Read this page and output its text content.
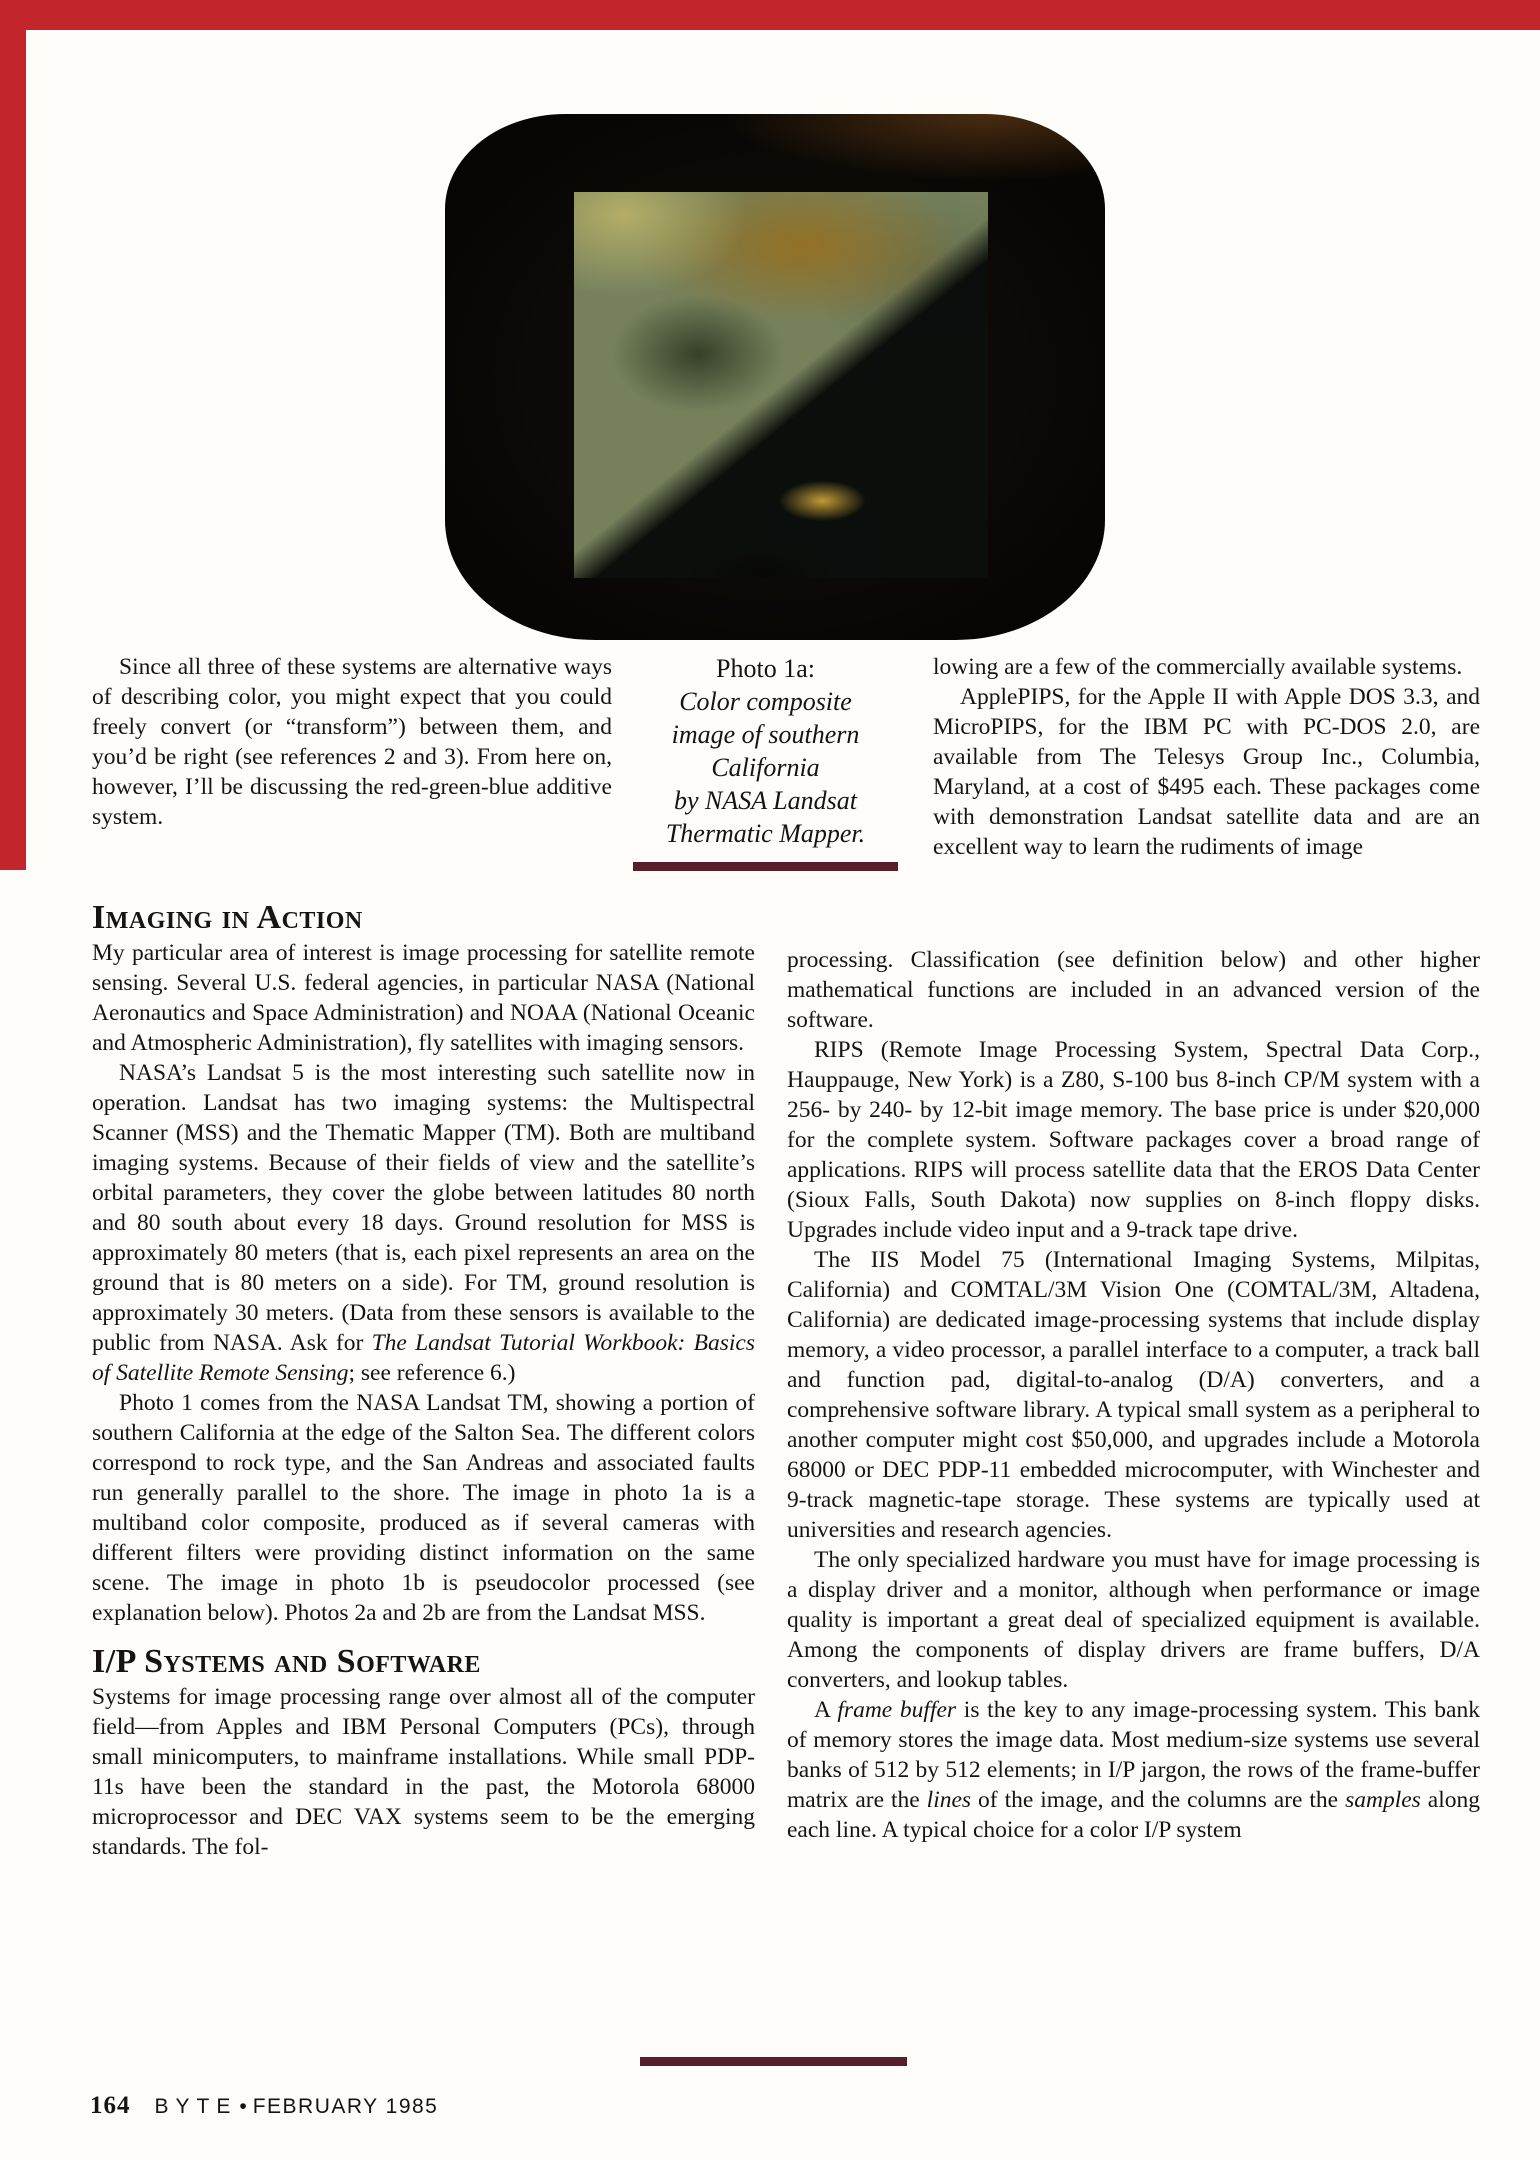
Since all three of these systems are alternative ways of describing color, you might expect that you could freely convert (or “transform”) between them, and you’d be right (see references 2 and 3). From here on, however, I’ll be discussing the red-green-blue additive system.

Photo 1a:
Color composite
image of southern
California
by NASA Landsat
Thermatic Mapper.

lowing are a few of the commercially available systems.

ApplePIPS, for the Apple II with Apple DOS 3.3, and MicroPIPS, for the IBM PC with PC-DOS 2.0, are available from The Telesys Group Inc., Columbia, Maryland, at a cost of $495 each. These packages come with demonstration Landsat satellite data and are an excellent way to learn the rudiments of image

Imaging in Action

My particular area of interest is image processing for satellite remote sensing. Several U.S. federal agencies, in particular NASA (National Aeronautics and Space Administration) and NOAA (National Oceanic and Atmospheric Administration), fly satellites with imaging sensors.

NASA’s Landsat 5 is the most interesting such satellite now in operation. Landsat has two imaging systems: the Multispectral Scanner (MSS) and the Thematic Mapper (TM). Both are multiband imaging systems. Because of their fields of view and the satellite’s orbital parameters, they cover the globe between latitudes 80 north and 80 south about every 18 days. Ground resolution for MSS is approximately 80 meters (that is, each pixel represents an area on the ground that is 80 meters on a side). For TM, ground resolution is approximately 30 meters. (Data from these sensors is available to the public from NASA. Ask for The Landsat Tutorial Workbook: Basics of Satellite Remote Sensing; see reference 6.)

Photo 1 comes from the NASA Landsat TM, showing a portion of southern California at the edge of the Salton Sea. The different colors correspond to rock type, and the San Andreas and associated faults run generally parallel to the shore. The image in photo 1a is a multiband color composite, produced as if several cameras with different filters were providing distinct information on the same scene. The image in photo 1b is pseudocolor processed (see explanation below). Photos 2a and 2b are from the Landsat MSS.

I/P Systems and Software

Systems for image processing range over almost all of the computer field—from Apples and IBM Personal Computers (PCs), through small minicomputers, to mainframe installations. While small PDP-11s have been the standard in the past, the Motorola 68000 microprocessor and DEC VAX systems seem to be the emerging standards. The fol-

processing. Classification (see definition below) and other higher mathematical functions are included in an advanced version of the software.

RIPS (Remote Image Processing System, Spectral Data Corp., Hauppauge, New York) is a Z80, S-100 bus 8-inch CP/M system with a 256- by 240- by 12-bit image memory. The base price is under $20,000 for the complete system. Software packages cover a broad range of applications. RIPS will process satellite data that the EROS Data Center (Sioux Falls, South Dakota) now supplies on 8-inch floppy disks. Upgrades include video input and a 9-track tape drive.

The IIS Model 75 (International Imaging Systems, Milpitas, California) and COMTAL/3M Vision One (COMTAL/3M, Altadena, California) are dedicated image-processing systems that include display memory, a video processor, a parallel interface to a computer, a track ball and function pad, digital-to-analog (D/A) converters, and a comprehensive software library. A typical small system as a peripheral to another computer might cost $50,000, and upgrades include a Motorola 68000 or DEC PDP-11 embedded microcomputer, with Winchester and 9-track magnetic-tape storage. These systems are typically used at universities and research agencies.

The only specialized hardware you must have for image processing is a display driver and a monitor, although when performance or image quality is important a great deal of specialized equipment is available. Among the components of display drivers are frame buffers, D/A converters, and lookup tables.

A frame buffer is the key to any image-processing system. This bank of memory stores the image data. Most medium-size systems use several banks of 512 by 512 elements; in I/P jargon, the rows of the frame-buffer matrix are the lines of the image, and the columns are the samples along each line. A typical choice for a color I/P system

164 BYTE• FEBRUARY 1985
